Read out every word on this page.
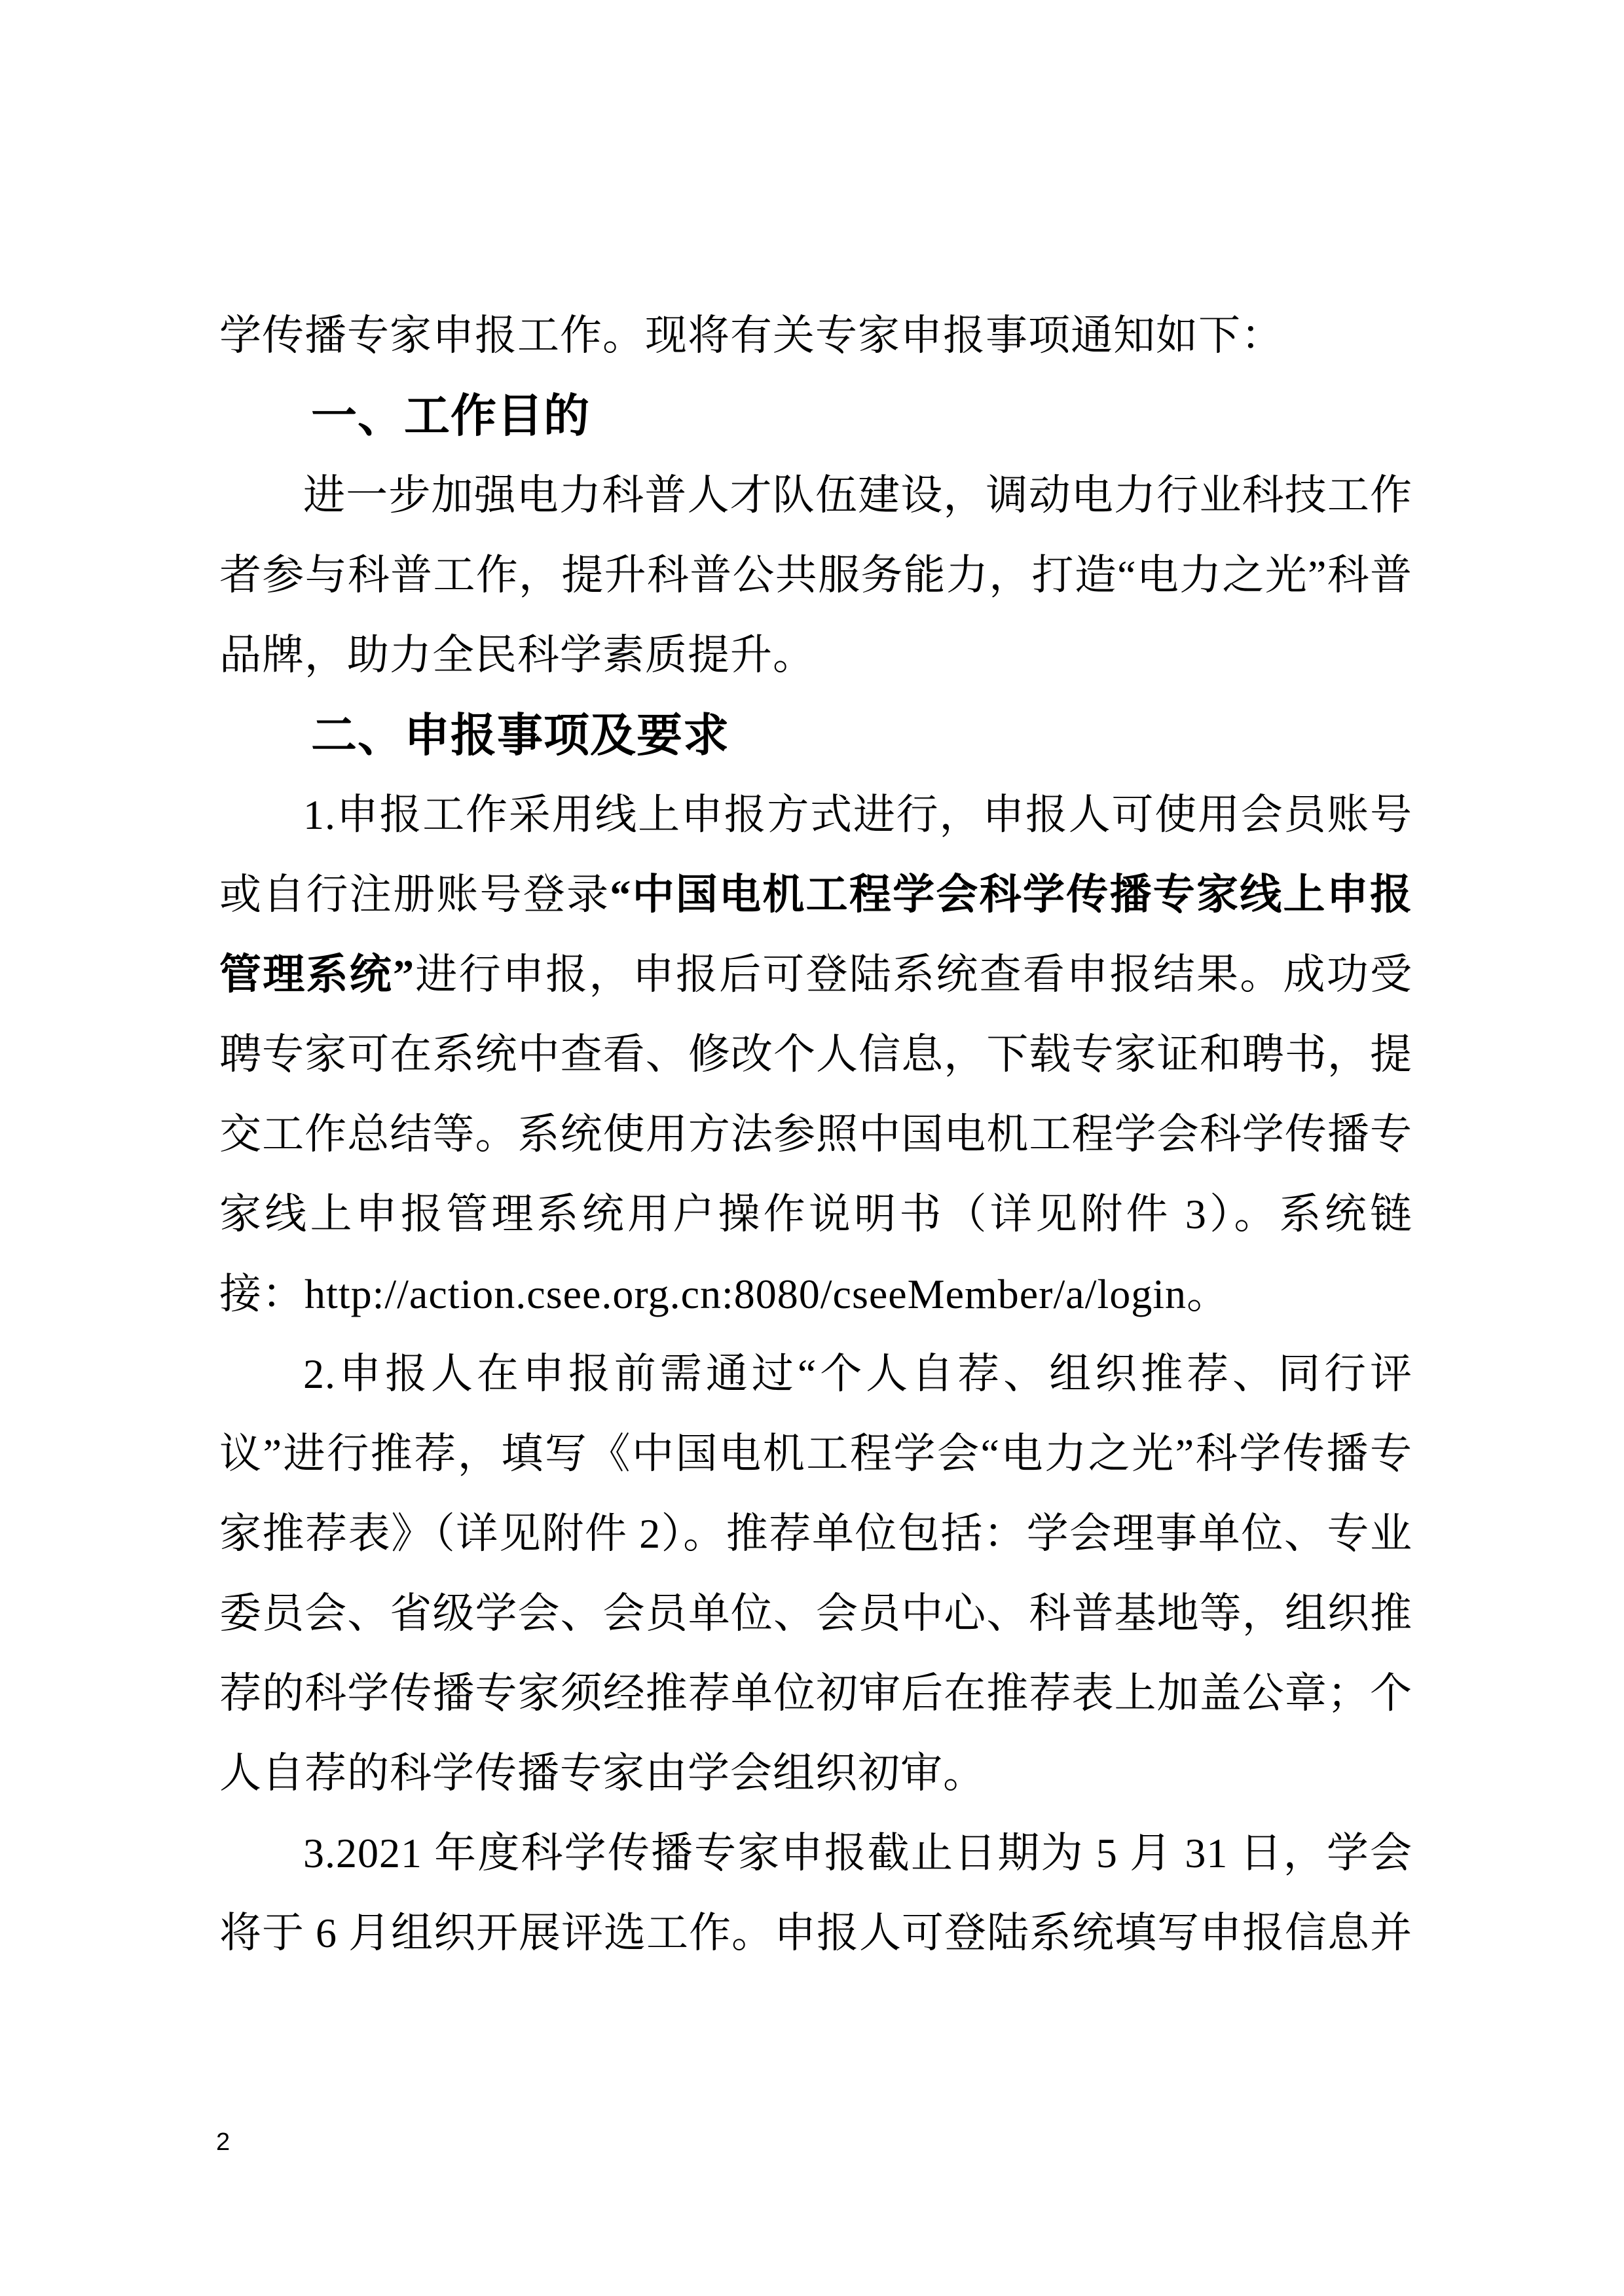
学传播专家申报工作。现将有关专家申报事项通知如下：

一、工作目的

进一步加强电力科普人才队伍建设，调动电力行业科技工作者参与科普工作，提升科普公共服务能力，打造“电力之光”科普品牌，助力全民科学素质提升。

二、申报事项及要求

1.申报工作采用线上申报方式进行，申报人可使用会员账号或自行注册账号登录“中国电机工程学会科学传播专家线上申报管理系统”进行申报，申报后可登陆系统查看申报结果。成功受聘专家可在系统中查看、修改个人信息，下载专家证和聘书，提交工作总结等。系统使用方法参照中国电机工程学会科学传播专家线上申报管理系统用户操作说明书（详见附件 3）。系统链接：http://action.csee.org.cn:8080/cseeMember/a/login。

2.申报人在申报前需通过“个人自荐、组织推荐、同行评议”进行推荐，填写《中国电机工程学会“电力之光”科学传播专家推荐表》（详见附件 2）。推荐单位包括：学会理事单位、专业委员会、省级学会、会员单位、会员中心、科普基地等，组织推荐的科学传播专家须经推荐单位初审后在推荐表上加盖公章；个人自荐的科学传播专家由学会组织初审。

3.2021 年度科学传播专家申报截止日期为 5 月 31 日，学会将于 6 月组织开展评选工作。申报人可登陆系统填写申报信息并

2
